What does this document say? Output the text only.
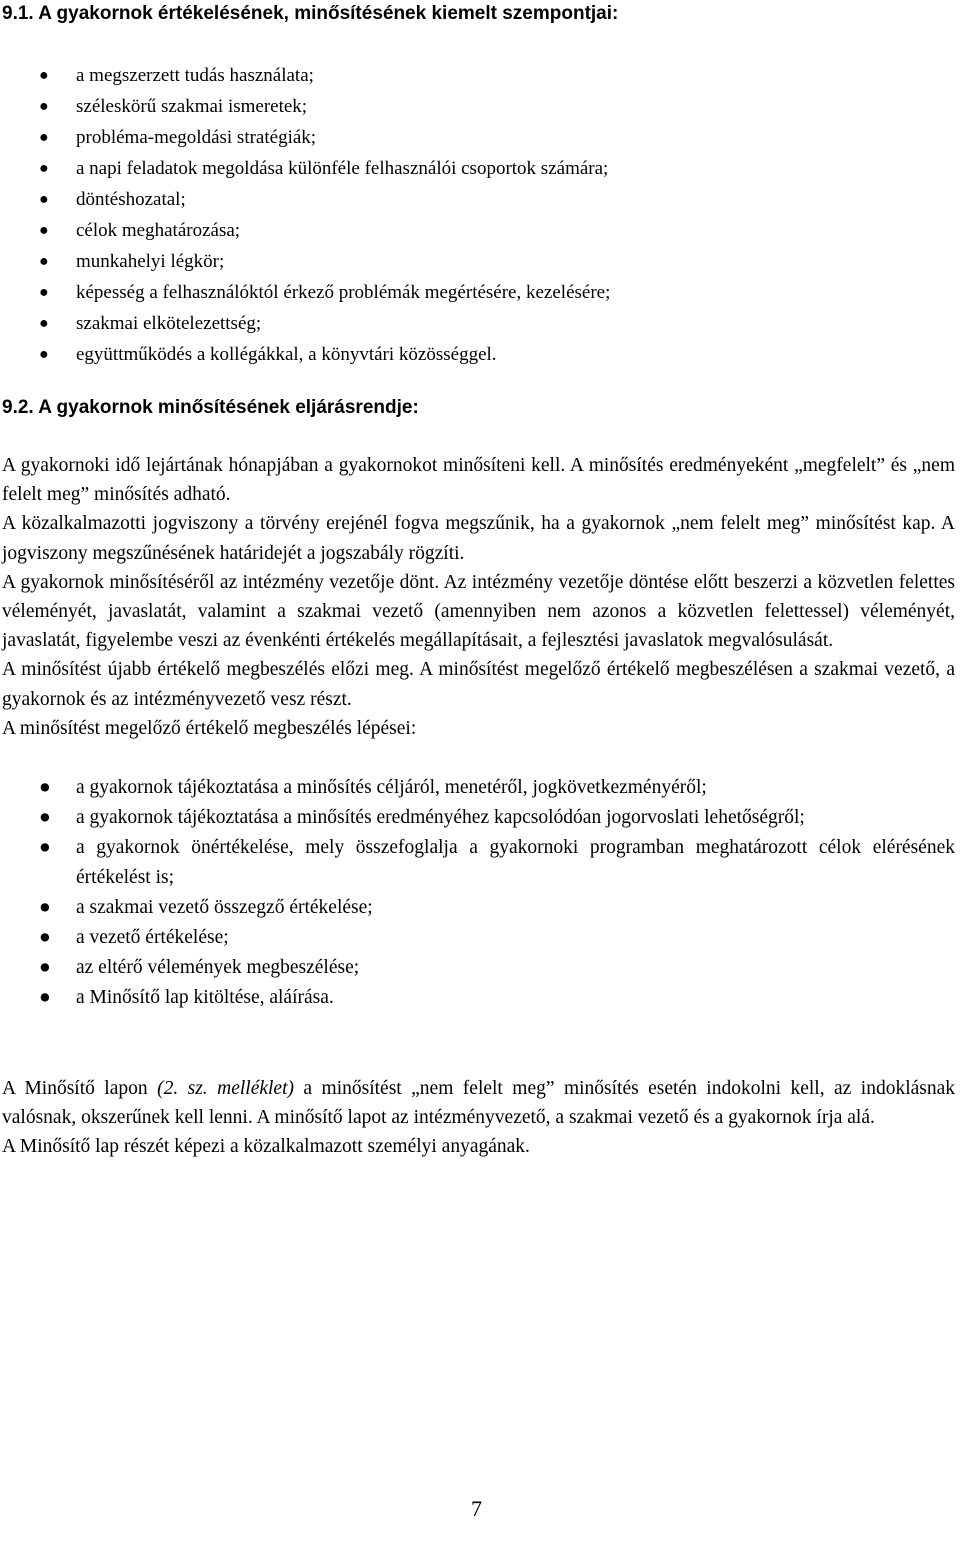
9.1. A gyakornok értékelésének, minősítésének kiemelt szempontjai:
● a megszerzett tudás használata;
● széleskörű szakmai ismeretek;
● probléma-megoldási stratégiák;
● a napi feladatok megoldása különféle felhasználói csoportok számára;
● döntéshozatal;
● célok meghatározása;
● munkahelyi légkör;
● képesség a felhasználóktól érkező problémák megértésére, kezelésére;
● szakmai elkötelezettség;
● együttműködés a kollégákkal, a könyvtári közösséggel.
9.2. A gyakornok minősítésének eljárásrendje:

A gyakornoki idő lejártának hónapjában a gyakornokot minősíteni kell. A minősítés eredményeként „megfelelt” és „nem felelt meg” minősítés adható.

A közalkalmazotti jogviszony a törvény erejénél fogva megszűnik, ha a gyakornok „nem felelt meg” minősítést kap. A jogviszony megszűnésének határidejét a jogszabály rögzíti.

A gyakornok minősítéséről az intézmény vezetője dönt. Az intézmény vezetője döntése előtt beszerzi a közvetlen felettes véleményét, javaslatát, valamint a szakmai vezető (amennyiben nem azonos a közvetlen felettessel) véleményét, javaslatát, figyelembe veszi az évenkénti értékelés megállapításait, a fejlesztési javaslatok megvalósulását.

A minősítést újabb értékelő megbeszélés előzi meg. A minősítést megelőző értékelő megbeszélésen a szakmai vezető, a gyakornok és az intézményvezető vesz részt.

A minősítést megelőző értékelő megbeszélés lépései:

● a gyakornok tájékoztatása a minősítés céljáról, menetéről, jogkövetkezményéről;
● a gyakornok tájékoztatása a minősítés eredményéhez kapcsolódóan jogorvoslati lehetőségről;
● a gyakornok önértékelése, mely összefoglalja a gyakornoki programban meghatározott célok elérésének értékelést is;
● a szakmai vezető összegző értékelése;
● a vezető értékelése;
● az eltérő vélemények megbeszélése;
● a Minősítő lap kitöltése, aláírása.

A Minősítő lapon (2. sz. melléklet) a minősítést „nem felelt meg” minősítés esetén indokolni kell, az indoklásnak valósnak, okszerűnek kell lenni. A minősítő lapot az intézményvezető, a szakmai vezető és a gyakornok írja alá.

A Minősítő lap részét képezi a közalkalmazott személyi anyagának.

7
